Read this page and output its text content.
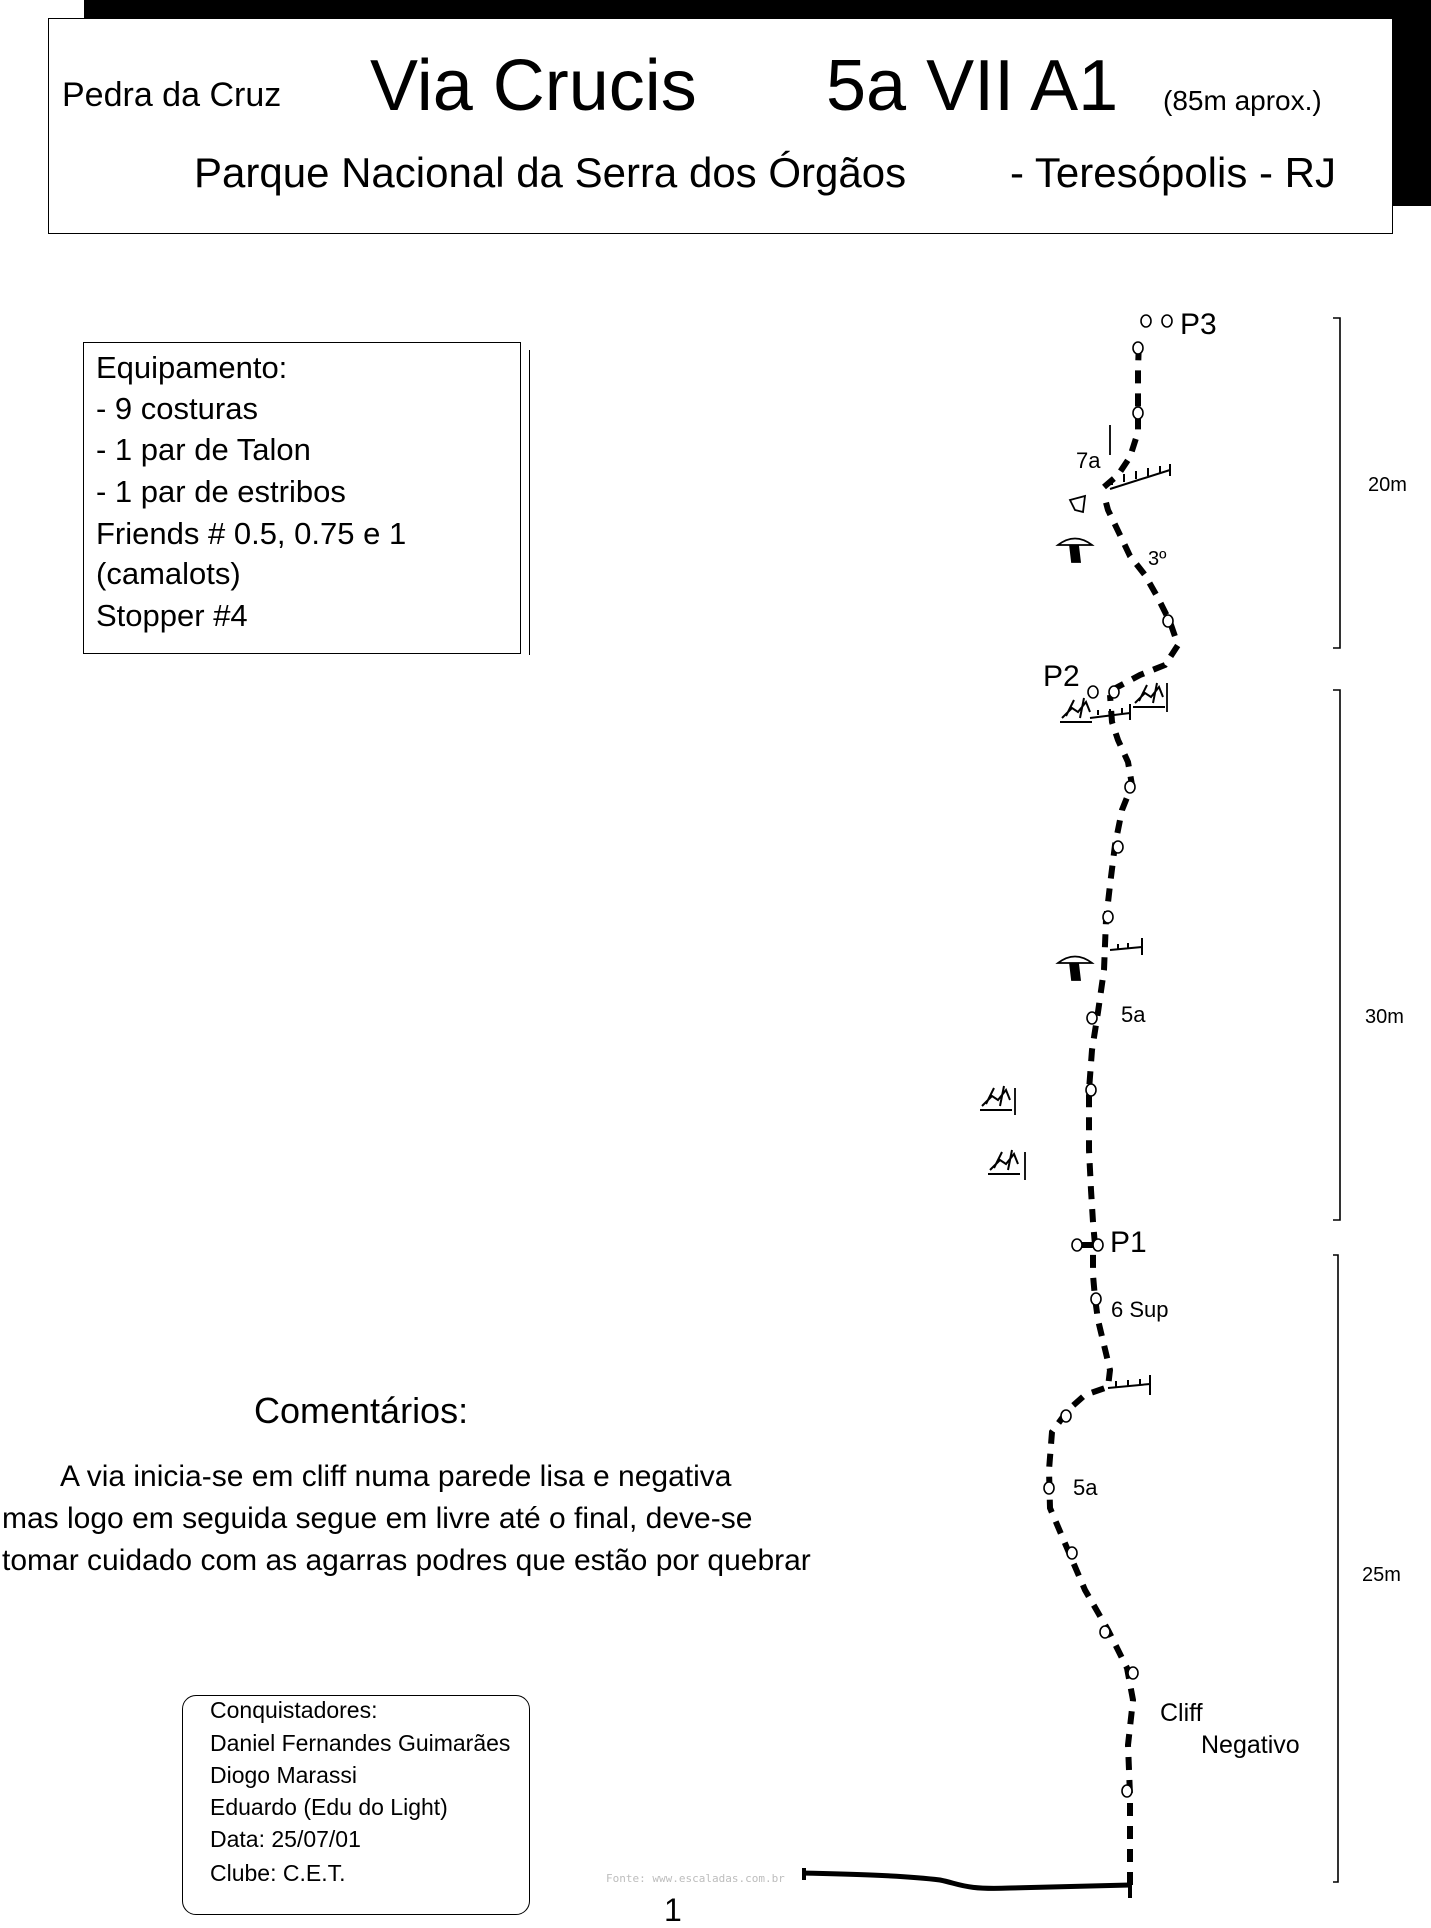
Pedra da Cruz Via Crucis 5a VII A1 (85m aprox.)
Parque Nacional da Serra dos Órgãos - Teresópolis - RJ
Equipamento:
- 9 costuras
- 1 par de Talon
- 1 par de estribos
Friends # 0.5, 0.75 e 1
(camalots)
Stopper #4
Comentários:
A via inicia-se em cliff numa parede lisa e negativa
mas logo em seguida segue em livre até o final, deve-se
tomar cuidado com as agarras podres que estão por quebrar
Conquistadores:
Daniel Fernandes Guimarães
Diogo Marassi
Eduardo (Edu do Light)
Data: 25/07/01
Clube: C.E.T.	Fonte: www.escaladas.com.br
1
P3
P2
P1
7a
3º
5a
6 Sup
5a
Cliff
Negativo
20m
30m
25m
